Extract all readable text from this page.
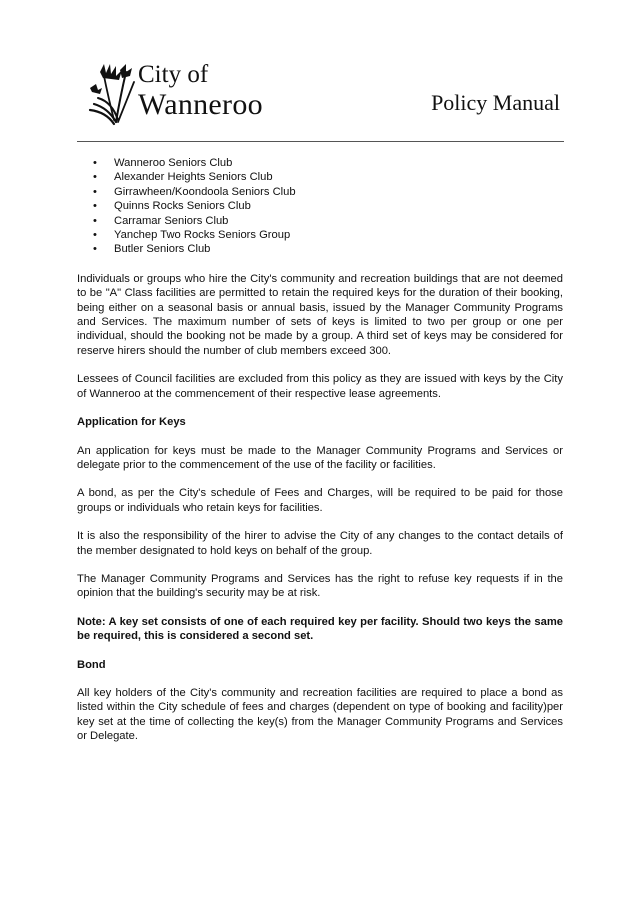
City of
Wanneroo	Policy Manual
• Wanneroo Seniors Club
• Alexander Heights Seniors Club
• Girrawheen/Koondoola Seniors Club
• Quinns Rocks Seniors Club
• Carramar Seniors Club
• Yanchep Two Rocks Seniors Group
• Butler Seniors Club

Individuals or groups who hire the City's community and recreation buildings that are not deemed to be "A" Class facilities are permitted to retain the required keys for the duration of their booking, being either on a seasonal basis or annual basis, issued by the Manager Community Programs and Services. The maximum number of sets of keys is limited to two per group or one per individual, should the booking not be made by a group. A third set of keys may be considered for reserve hirers should the number of club members exceed 300.

Lessees of Council facilities are excluded from this policy as they are issued with keys by the City of Wanneroo at the commencement of their respective lease agreements.

Application for Keys

An application for keys must be made to the Manager Community Programs and Services or delegate prior to the commencement of the use of the facility or facilities.

A bond, as per the City's schedule of Fees and Charges, will be required to be paid for those groups or individuals who retain keys for facilities.

It is also the responsibility of the hirer to advise the City of any changes to the contact details of the member designated to hold keys on behalf of the group.

The Manager Community Programs and Services has the right to refuse key requests if in the opinion that the building's security may be at risk.

Note: A key set consists of one of each required key per facility. Should two keys the same be required, this is considered a second set.

Bond

All key holders of the City's community and recreation facilities are required to place a bond as listed within the City schedule of fees and charges (dependent on type of booking and facility)per key set at the time of collecting the key(s) from the Manager Community Programs and Services or Delegate.
